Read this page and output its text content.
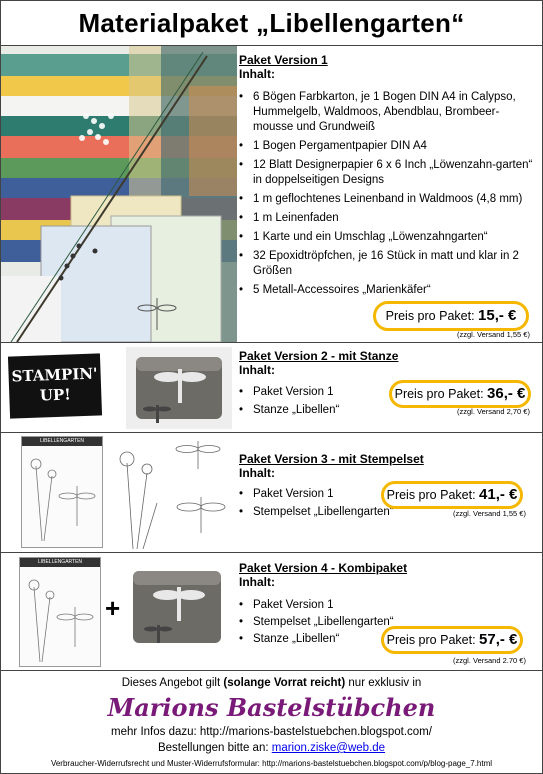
Materialpaket „Libellengarten“
Paket Version 1
Inhalt:
• 6 Bögen Farbkarton, je 1 Bogen DIN A4 in Calypso, Hummelgelb, Waldmoos, Abendblau, Brombeer-mousse und Grundweiß
• 1 Bogen Pergamentpapier DIN A4
• 12 Blatt Designerpapier 6 x 6 Inch „Löwenzahn-garten“ in doppelseitigen Designs
• 1 m geflochtenes Leinenband in Waldmoos (4,8 mm)
• 1 m Leinenfaden
• 1 Karte und ein Umschlag „Löwenzahngarten“
• 32 Epoxidtröpfchen, je 16 Stück in matt und klar in 2 Größen
• 5 Metall-Accessoires „Marienkäfer“
Preis pro Paket: 15,- €
(zzgl. Versand 1,55 €)
STAMPIN' UP!
Paket Version 2 - mit Stanze
Inhalt:
• Paket Version 1
• Stanze „Libellen“
Preis pro Paket: 36,- €
(zzgl. Versand 2,70 €)
LIBELLENGARTEN
Paket Version 3 - mit Stempelset
Inhalt:
• Paket Version 1
• Stempelset „Libellengarten“
Preis pro Paket: 41,- €
(zzgl. Versand 1,55 €)
LIBELLENGARTEN
+
Paket Version 4 - Kombipaket
Inhalt:
• Paket Version 1
• Stempelset „Libellengarten“
• Stanze „Libellen“	Preis pro Paket: 57,- €
(zzgl. Versand 2.70 €)
Dieses Angebot gilt (solange Vorrat reicht) nur exklusiv in
Marions Bastelstübchen
mehr Infos dazu: http://marions-bastelstuebchen.blogspot.com/
Bestellungen bitte an: marion.ziske@web.de
Verbraucher-Widerrufsrecht und Muster-Widerrufsformular: http://marions-bastelstuebchen.blogspot.com/p/blog-page_7.html
